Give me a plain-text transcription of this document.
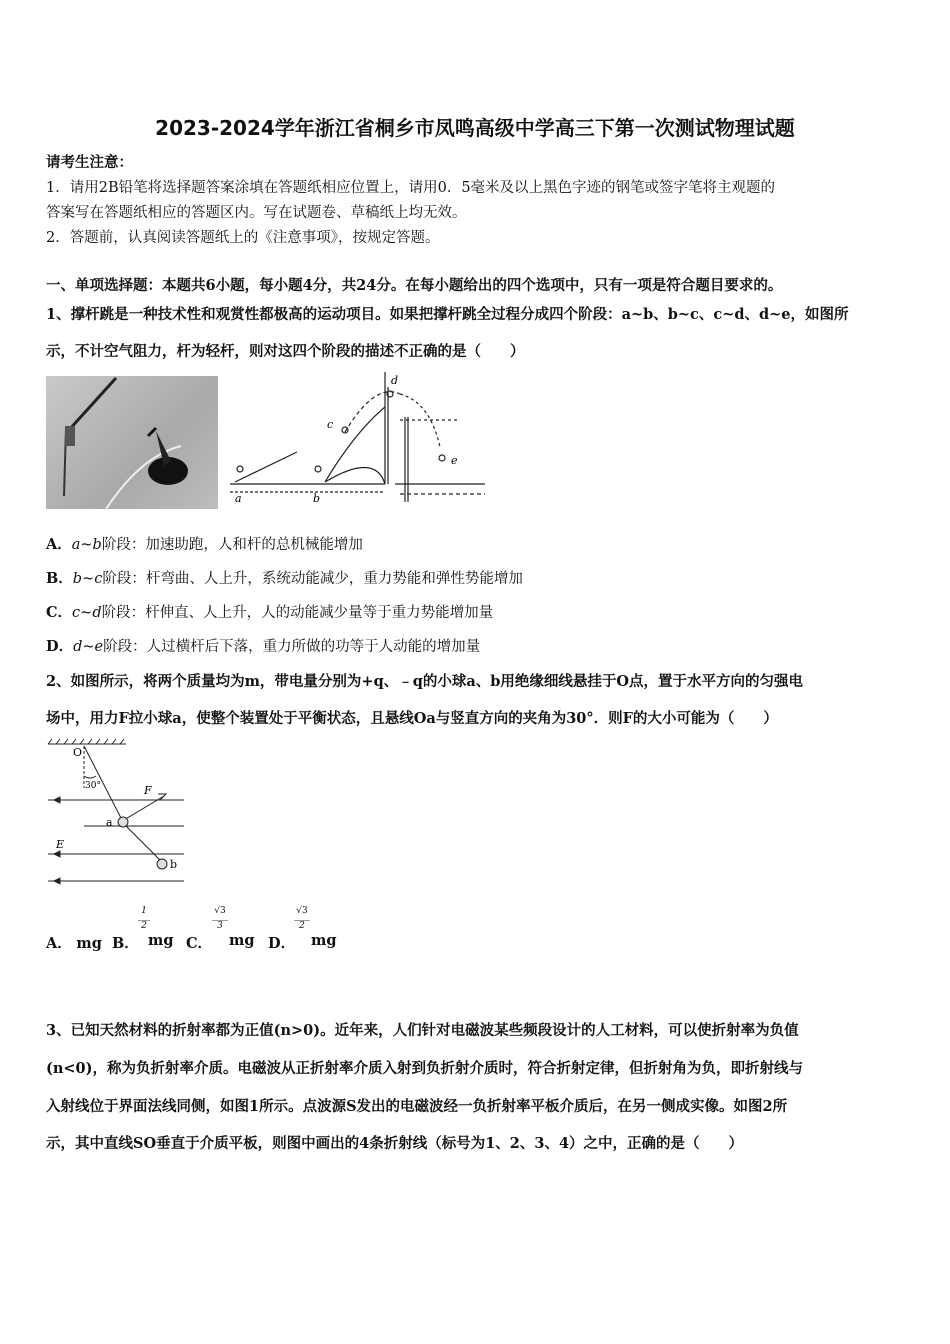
2023-2024学年浙江省桐乡市凤鸣高级中学高三下第一次测试物理试题
请考生注意：
1．请用2B铅笔将选择题答案涂填在答题纸相应位置上，请用0．5毫米及以上黑色字迹的钢笔或签字笔将主观题的
答案写在答题纸相应的答题区内。写在试题卷、草稿纸上均无效。
2．答题前，认真阅读答题纸上的《注意事项》，按规定答题。
一、单项选择题：本题共6小题，每小题4分，共24分。在每小题给出的四个选项中，只有一项是符合题目要求的。
1、撑杆跳是一种技术性和观赏性都极高的运动项目。如果把撑杆跳全过程分成四个阶段：a~b、b~c、c~d、d~e，如图所
示，不计空气阻力，杆为轻杆，则对这四个阶段的描述不正确的是（　　）
a	b
c
d
e
A．a~b阶段：加速助跑，人和杆的总机械能增加
B．b~c阶段：杆弯曲、人上升，系统动能减少，重力势能和弹性势能增加
C．c~d阶段：杆伸直、人上升，人的动能减少量等于重力势能增加量
D．d~e阶段：人过横杆后下落，重力所做的功等于人动能的增加量
2、如图所示，将两个质量均为m，带电量分别为+q、﹣q的小球a、b用绝缘细线悬挂于O点，置于水平方向的匀强电
场中，用力F拉小球a，使整个装置处于平衡状态，且悬线Oa与竖直方向的夹角为30°．则F的大小可能为（　　）
O
30°	F
a
E
b
A． mg B．
$\frac{1}{2}$
mg C．
$\frac{√3}{3}$
mg D．
$\frac{√3}{2}$
mg
3、已知天然材料的折射率都为正值(n>0)。近年来，人们针对电磁波某些频段设计的人工材料，可以使折射率为负值
(n<0)，称为负折射率介质。电磁波从正折射率介质入射到负折射介质时，符合折射定律，但折射角为负，即折射线与
入射线位于界面法线同侧，如图1所示。点波源S发出的电磁波经一负折射率平板介质后，在另一侧成实像。如图2所
示，其中直线SO垂直于介质平板，则图中画出的4条折射线（标号为1、2、3、4）之中，正确的是（　　）
